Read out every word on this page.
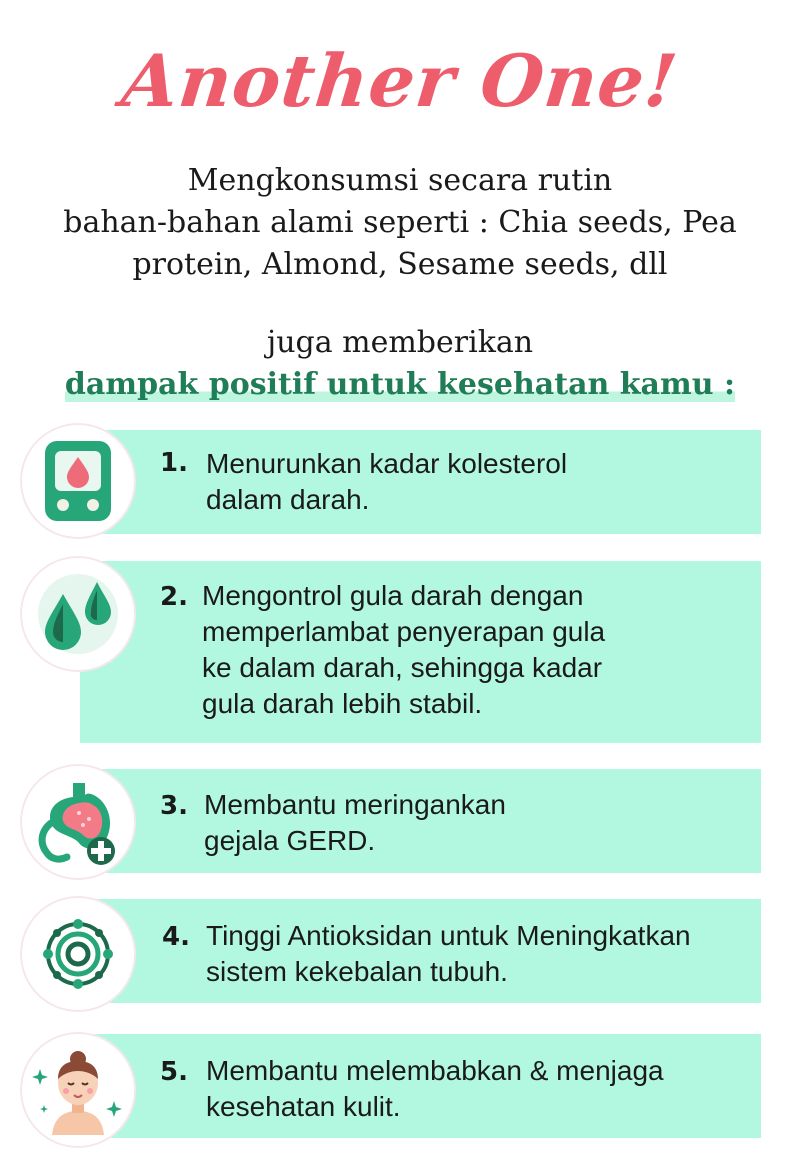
Another One!
Mengkonsumsi secara rutin
bahan-bahan alami seperti : Chia seeds, Pea
protein, Almond, Sesame seeds, dll
juga memberikan
dampak positif untuk kesehatan kamu :
1. Menurunkan kadar kolesterol
dalam darah.
2. Mengontrol gula darah dengan
memperlambat penyerapan gula
ke dalam darah, sehingga kadar
gula darah lebih stabil.
3. Membantu meringankan
gejala GERD.
4. Tinggi Antioksidan untuk Meningkatkan
sistem kekebalan tubuh.
5. Membantu melembabkan & menjaga
kesehatan kulit.
